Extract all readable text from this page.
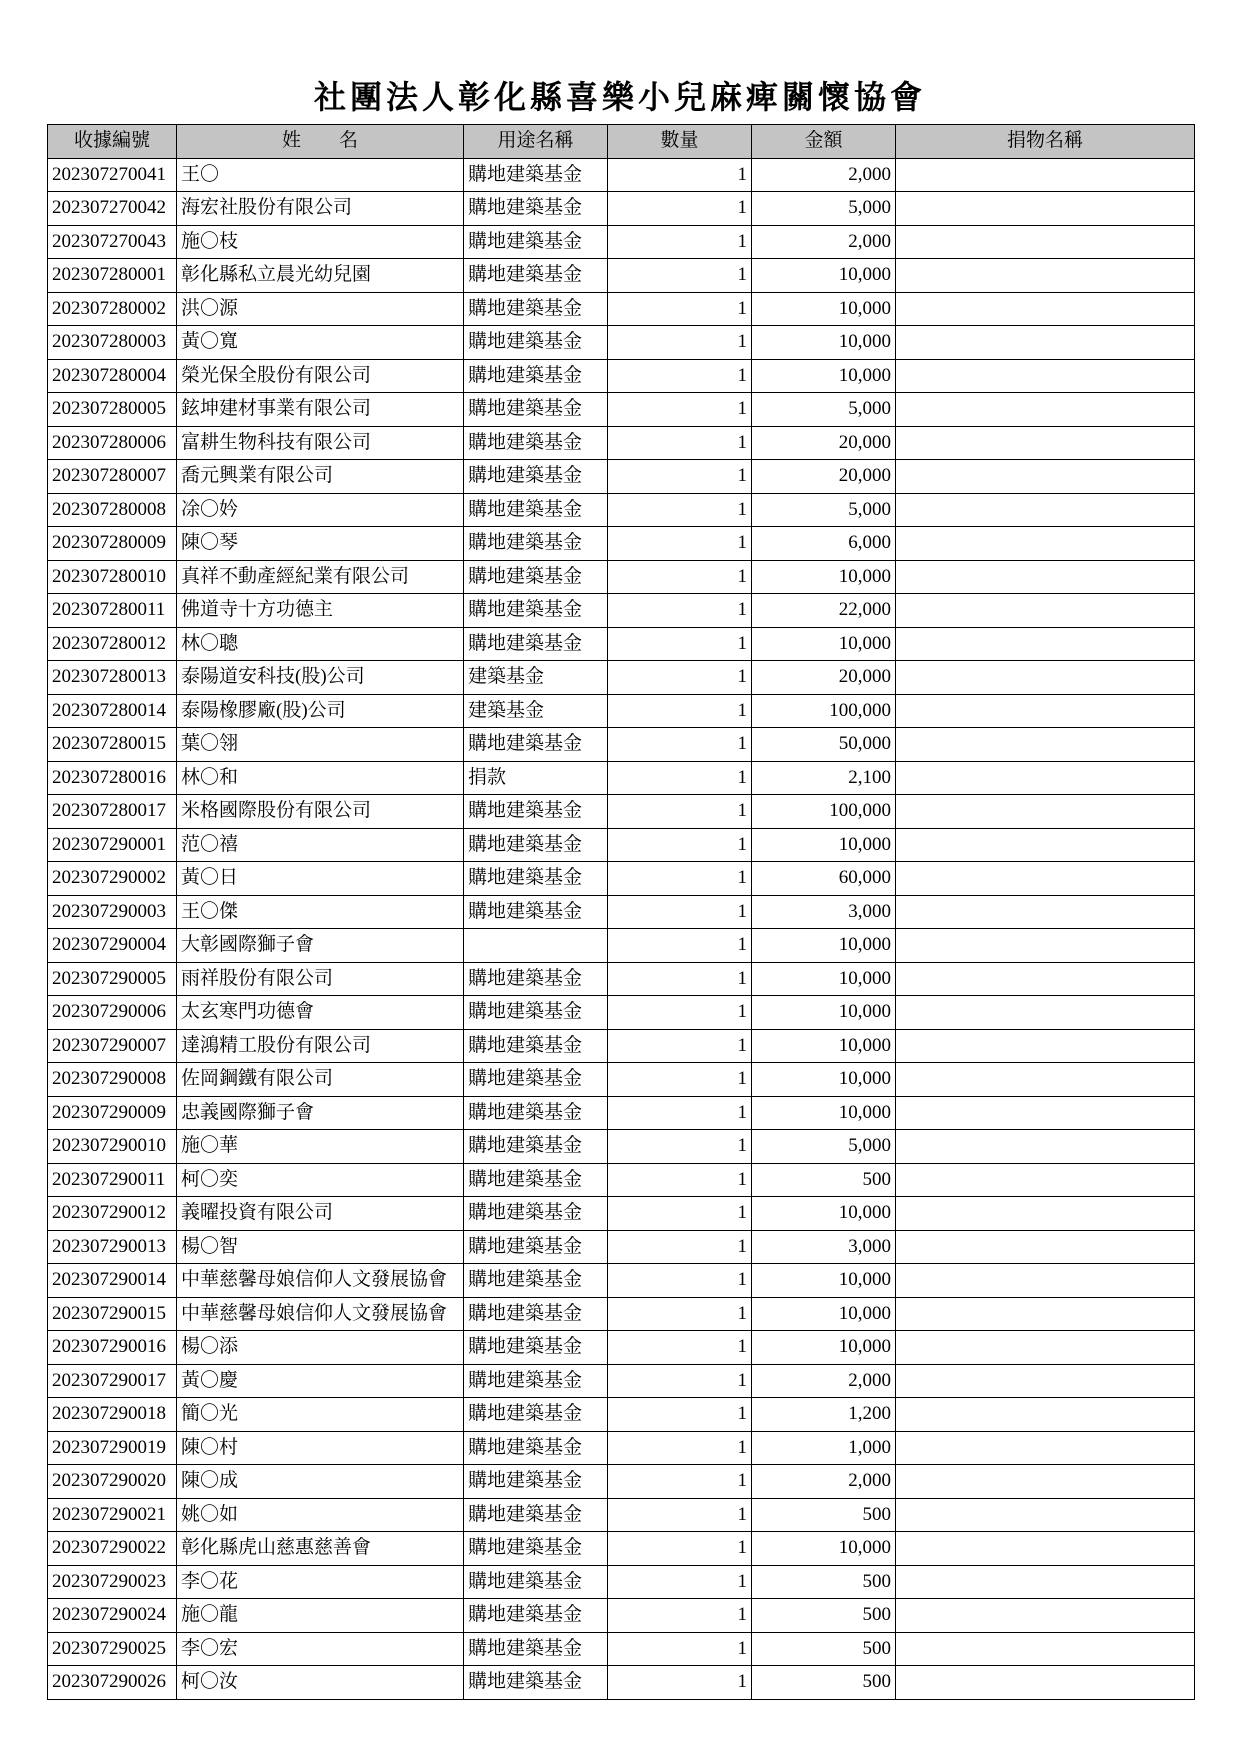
社團法人彰化縣喜樂小兒麻痺關懷協會
收據編號	姓　　名	用途名稱	數量	金額	捐物名稱
202307270041	王〇	購地建築基金	1	2,000	
202307270042	海宏社股份有限公司	購地建築基金	1	5,000	
202307270043	施〇枝	購地建築基金	1	2,000	
202307280001	彰化縣私立晨光幼兒園	購地建築基金	1	10,000	
202307280002	洪〇源	購地建築基金	1	10,000	
202307280003	黃〇寬	購地建築基金	1	10,000	
202307280004	榮光保全股份有限公司	購地建築基金	1	10,000	
202307280005	鉉坤建材事業有限公司	購地建築基金	1	5,000	
202307280006	富耕生物科技有限公司	購地建築基金	1	20,000	
202307280007	喬元興業有限公司	購地建築基金	1	20,000	
202307280008	凃〇妗	購地建築基金	1	5,000	
202307280009	陳〇琴	購地建築基金	1	6,000	
202307280010	真祥不動產經紀業有限公司	購地建築基金	1	10,000	
202307280011	佛道寺十方功德主	購地建築基金	1	22,000	
202307280012	林〇聰	購地建築基金	1	10,000	
202307280013	泰陽道安科技(股)公司	建築基金	1	20,000	
202307280014	泰陽橡膠廠(股)公司	建築基金	1	100,000	
202307280015	葉〇翎	購地建築基金	1	50,000	
202307280016	林〇和	捐款	1	2,100	
202307280017	米格國際股份有限公司	購地建築基金	1	100,000	
202307290001	范〇禧	購地建築基金	1	10,000	
202307290002	黃〇日	購地建築基金	1	60,000	
202307290003	王〇傑	購地建築基金	1	3,000	
202307290004	大彰國際獅子會		1	10,000	
202307290005	雨祥股份有限公司	購地建築基金	1	10,000	
202307290006	太玄寒門功德會	購地建築基金	1	10,000	
202307290007	達鴻精工股份有限公司	購地建築基金	1	10,000	
202307290008	佐岡鋼鐵有限公司	購地建築基金	1	10,000	
202307290009	忠義國際獅子會	購地建築基金	1	10,000	
202307290010	施〇華	購地建築基金	1	5,000	
202307290011	柯〇奕	購地建築基金	1	500	
202307290012	義曜投資有限公司	購地建築基金	1	10,000	
202307290013	楊〇智	購地建築基金	1	3,000	
202307290014	中華慈馨母娘信仰人文發展協會	購地建築基金	1	10,000	
202307290015	中華慈馨母娘信仰人文發展協會	購地建築基金	1	10,000	
202307290016	楊〇添	購地建築基金	1	10,000	
202307290017	黃〇慶	購地建築基金	1	2,000	
202307290018	簡〇光	購地建築基金	1	1,200	
202307290019	陳〇村	購地建築基金	1	1,000	
202307290020	陳〇成	購地建築基金	1	2,000	
202307290021	姚〇如	購地建築基金	1	500	
202307290022	彰化縣虎山慈惠慈善會	購地建築基金	1	10,000	
202307290023	李〇花	購地建築基金	1	500	
202307290024	施〇龍	購地建築基金	1	500	
202307290025	李〇宏	購地建築基金	1	500	
202307290026	柯〇汝	購地建築基金	1	500	
